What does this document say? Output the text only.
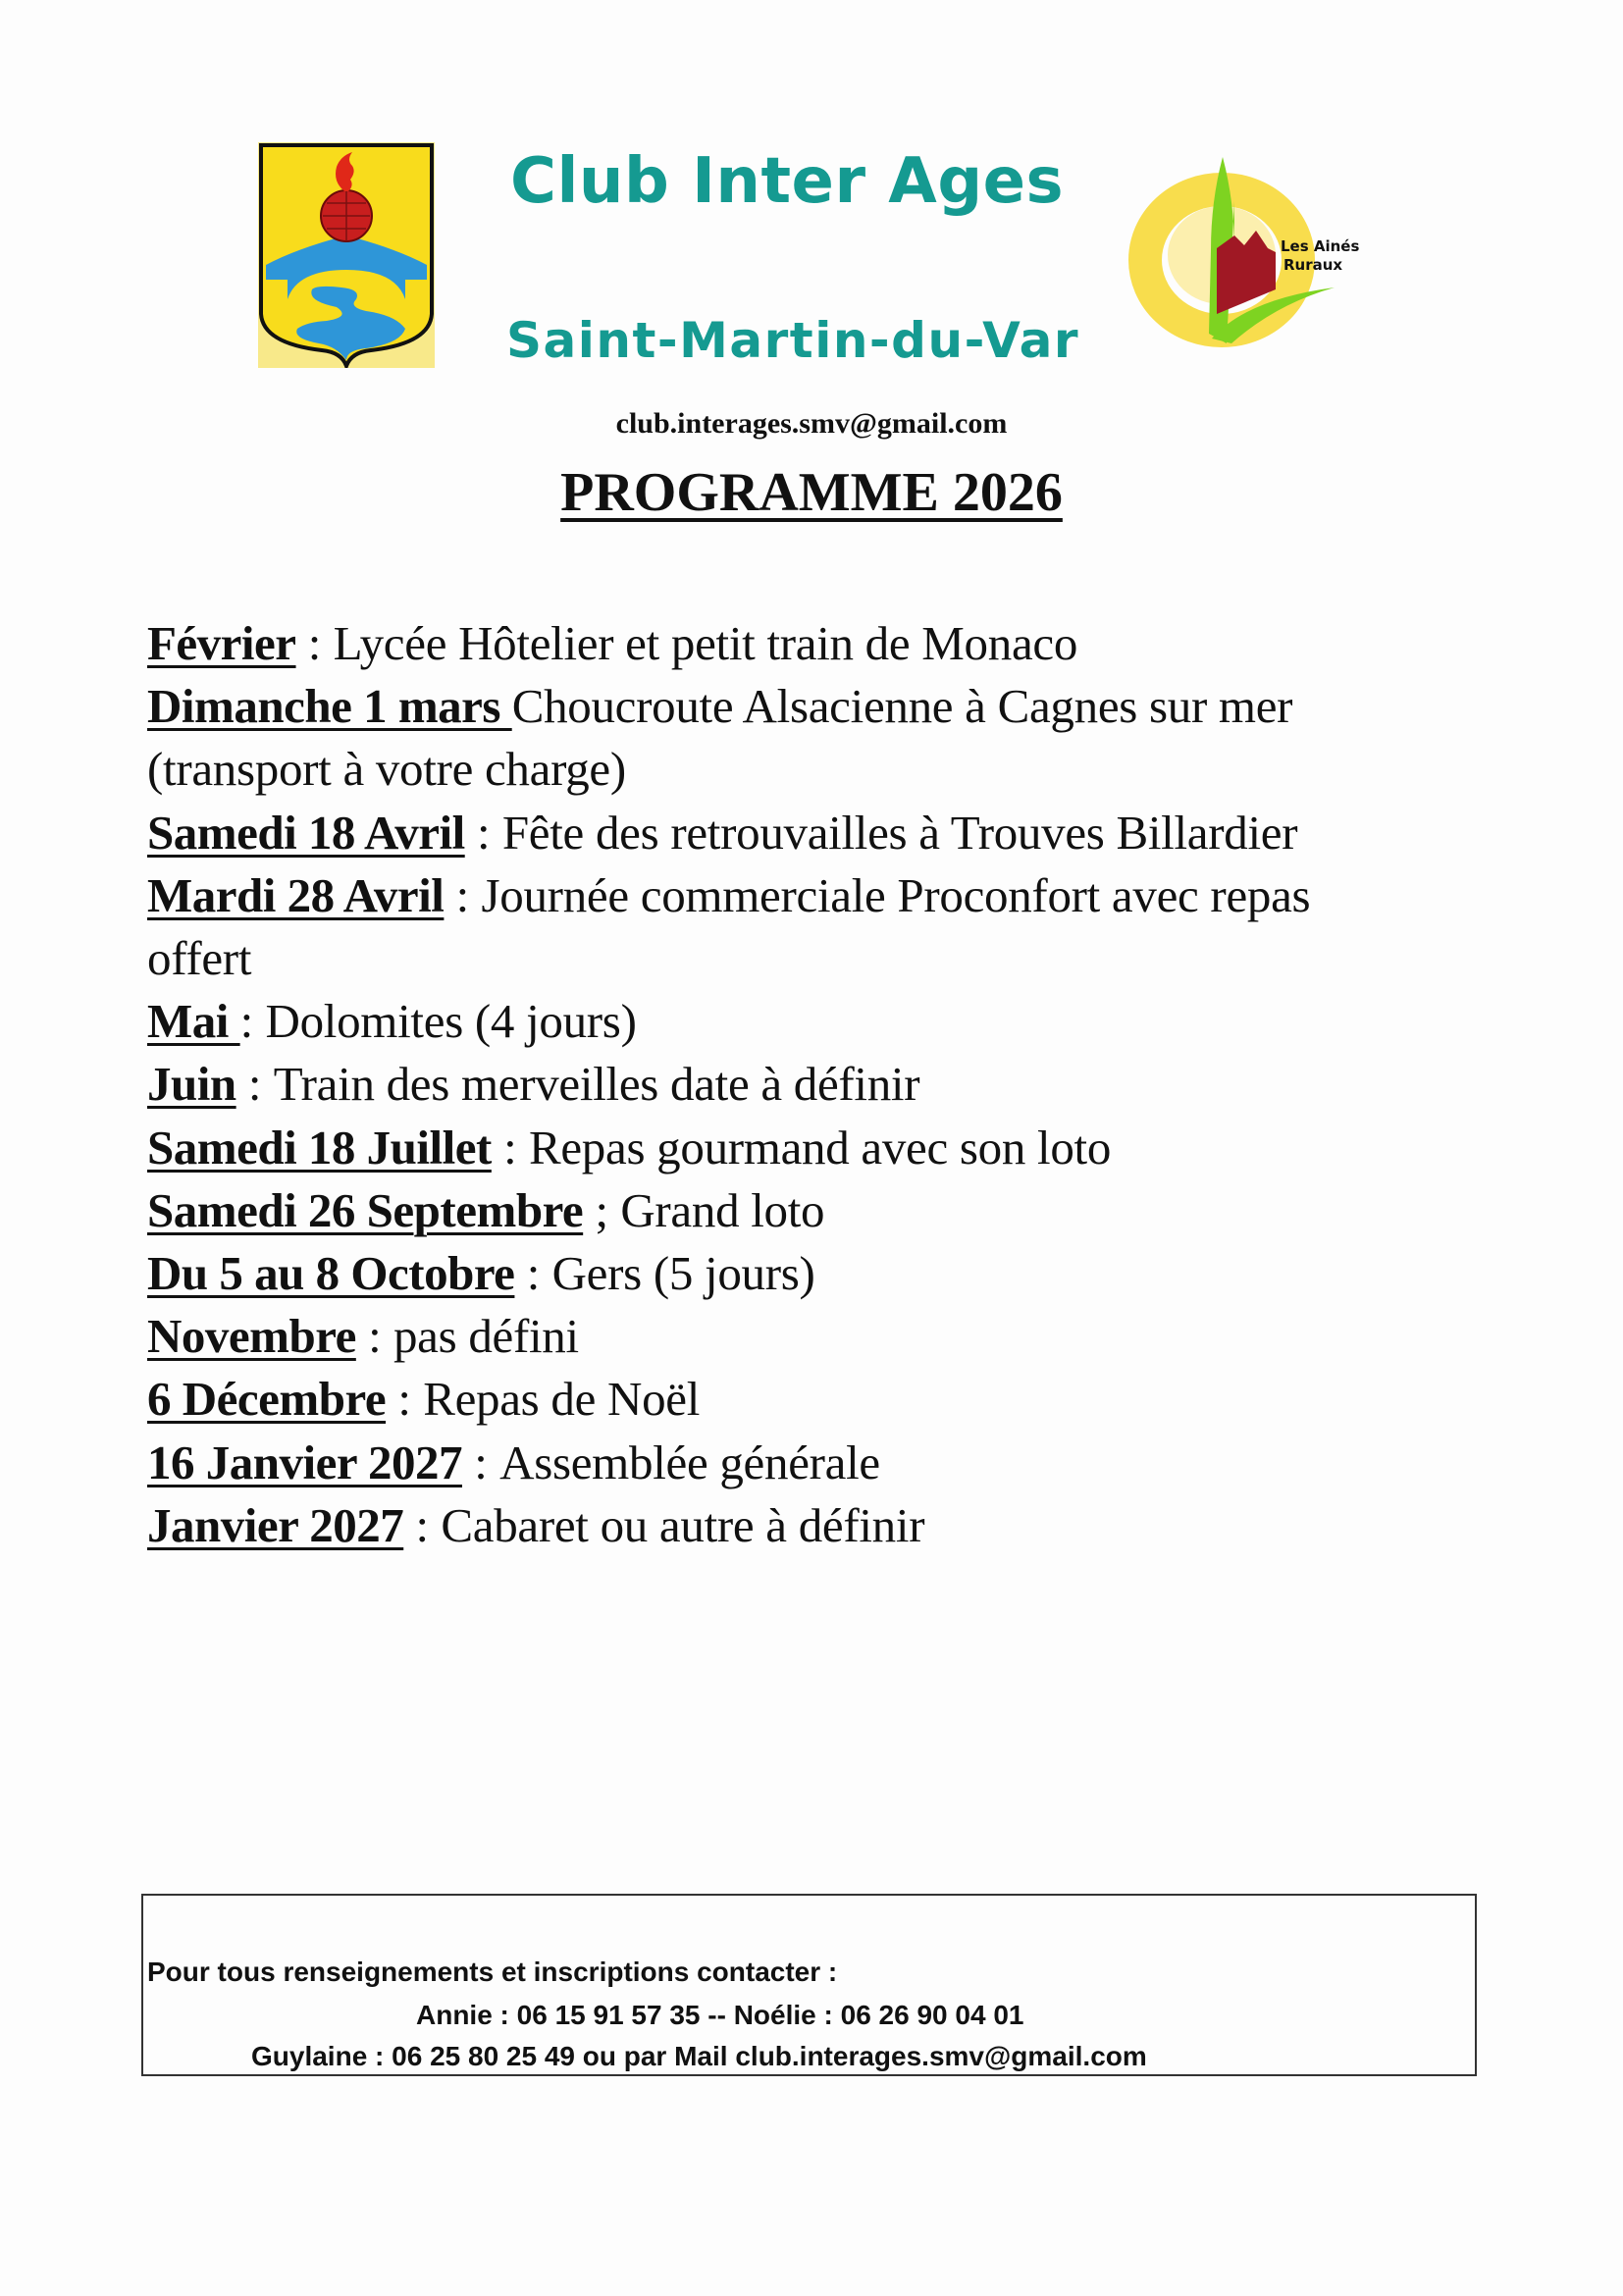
Club Inter Ages
Saint-Martin-du-Var
Les Ainés
Ruraux
club.interages.smv@gmail.com
PROGRAMME 2026

Février : Lycée Hôtelier et petit train de Monaco

Dimanche 1 mars Choucroute Alsacienne à Cagnes sur mer (transport à votre charge)

Samedi 18 Avril : Fête des retrouvailles à Trouves Billardier

Mardi 28 Avril : Journée commerciale Proconfort avec repas offert

Mai : Dolomites (4 jours)

Juin : Train des merveilles date à définir

Samedi 18 Juillet : Repas gourmand avec son loto

Samedi 26 Septembre ; Grand loto

Du 5 au 8 Octobre : Gers (5 jours)

Novembre : pas défini

6 Décembre : Repas de Noël

16 Janvier 2027 : Assemblée générale

Janvier 2027 : Cabaret ou autre à définir

Pour tous renseignements et inscriptions contacter :
Annie : 06 15 91 57 35 -- Noélie : 06 26 90 04 01
Guylaine : 06 25 80 25 49 ou par Mail club.interages.smv@gmail.com
